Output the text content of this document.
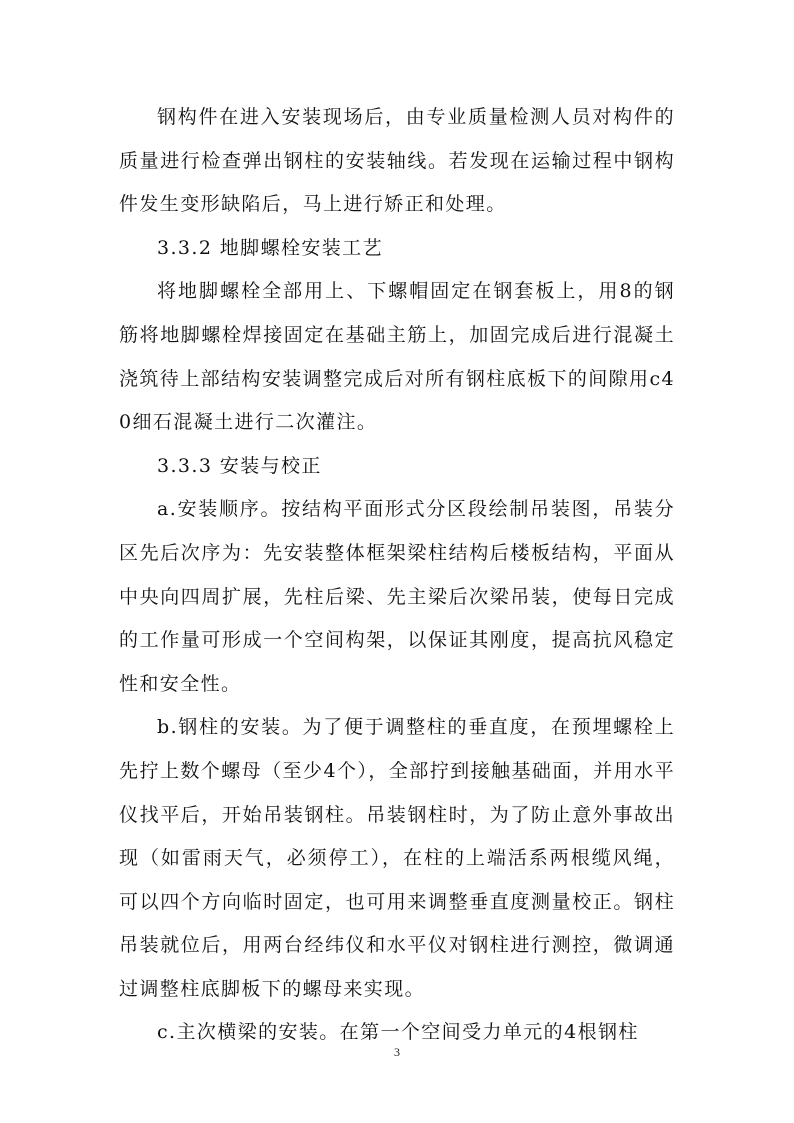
钢构件在进入安装现场后，由专业质量检测人员对构件的质量进行检查弹出钢柱的安装轴线。若发现在运输过程中钢构件发生变形缺陷后，马上进行矫正和处理。

3.3.2 地脚螺栓安装工艺

将地脚螺栓全部用上、下螺帽固定在钢套板上，用8的钢筋将地脚螺栓焊接固定在基础主筋上，加固完成后进行混凝土浇筑待上部结构安装调整完成后对所有钢柱底板下的间隙用c40细石混凝土进行二次灌注。

3.3.3 安装与校正

a.安装顺序。按结构平面形式分区段绘制吊装图，吊装分区先后次序为：先安装整体框架梁柱结构后楼板结构，平面从中央向四周扩展，先柱后梁、先主梁后次梁吊装，使每日完成的工作量可形成一个空间构架，以保证其刚度，提高抗风稳定性和安全性。

b.钢柱的安装。为了便于调整柱的垂直度，在预埋螺栓上先拧上数个螺母（至少4个），全部拧到接触基础面，并用水平仪找平后，开始吊装钢柱。吊装钢柱时，为了防止意外事故出现（如雷雨天气，必须停工），在柱的上端活系两根缆风绳，可以四个方向临时固定，也可用来调整垂直度测量校正。钢柱吊装就位后，用两台经纬仪和水平仪对钢柱进行测控，微调通过调整柱底脚板下的螺母来实现。

c.主次横梁的安装。在第一个空间受力单元的4根钢柱

3
